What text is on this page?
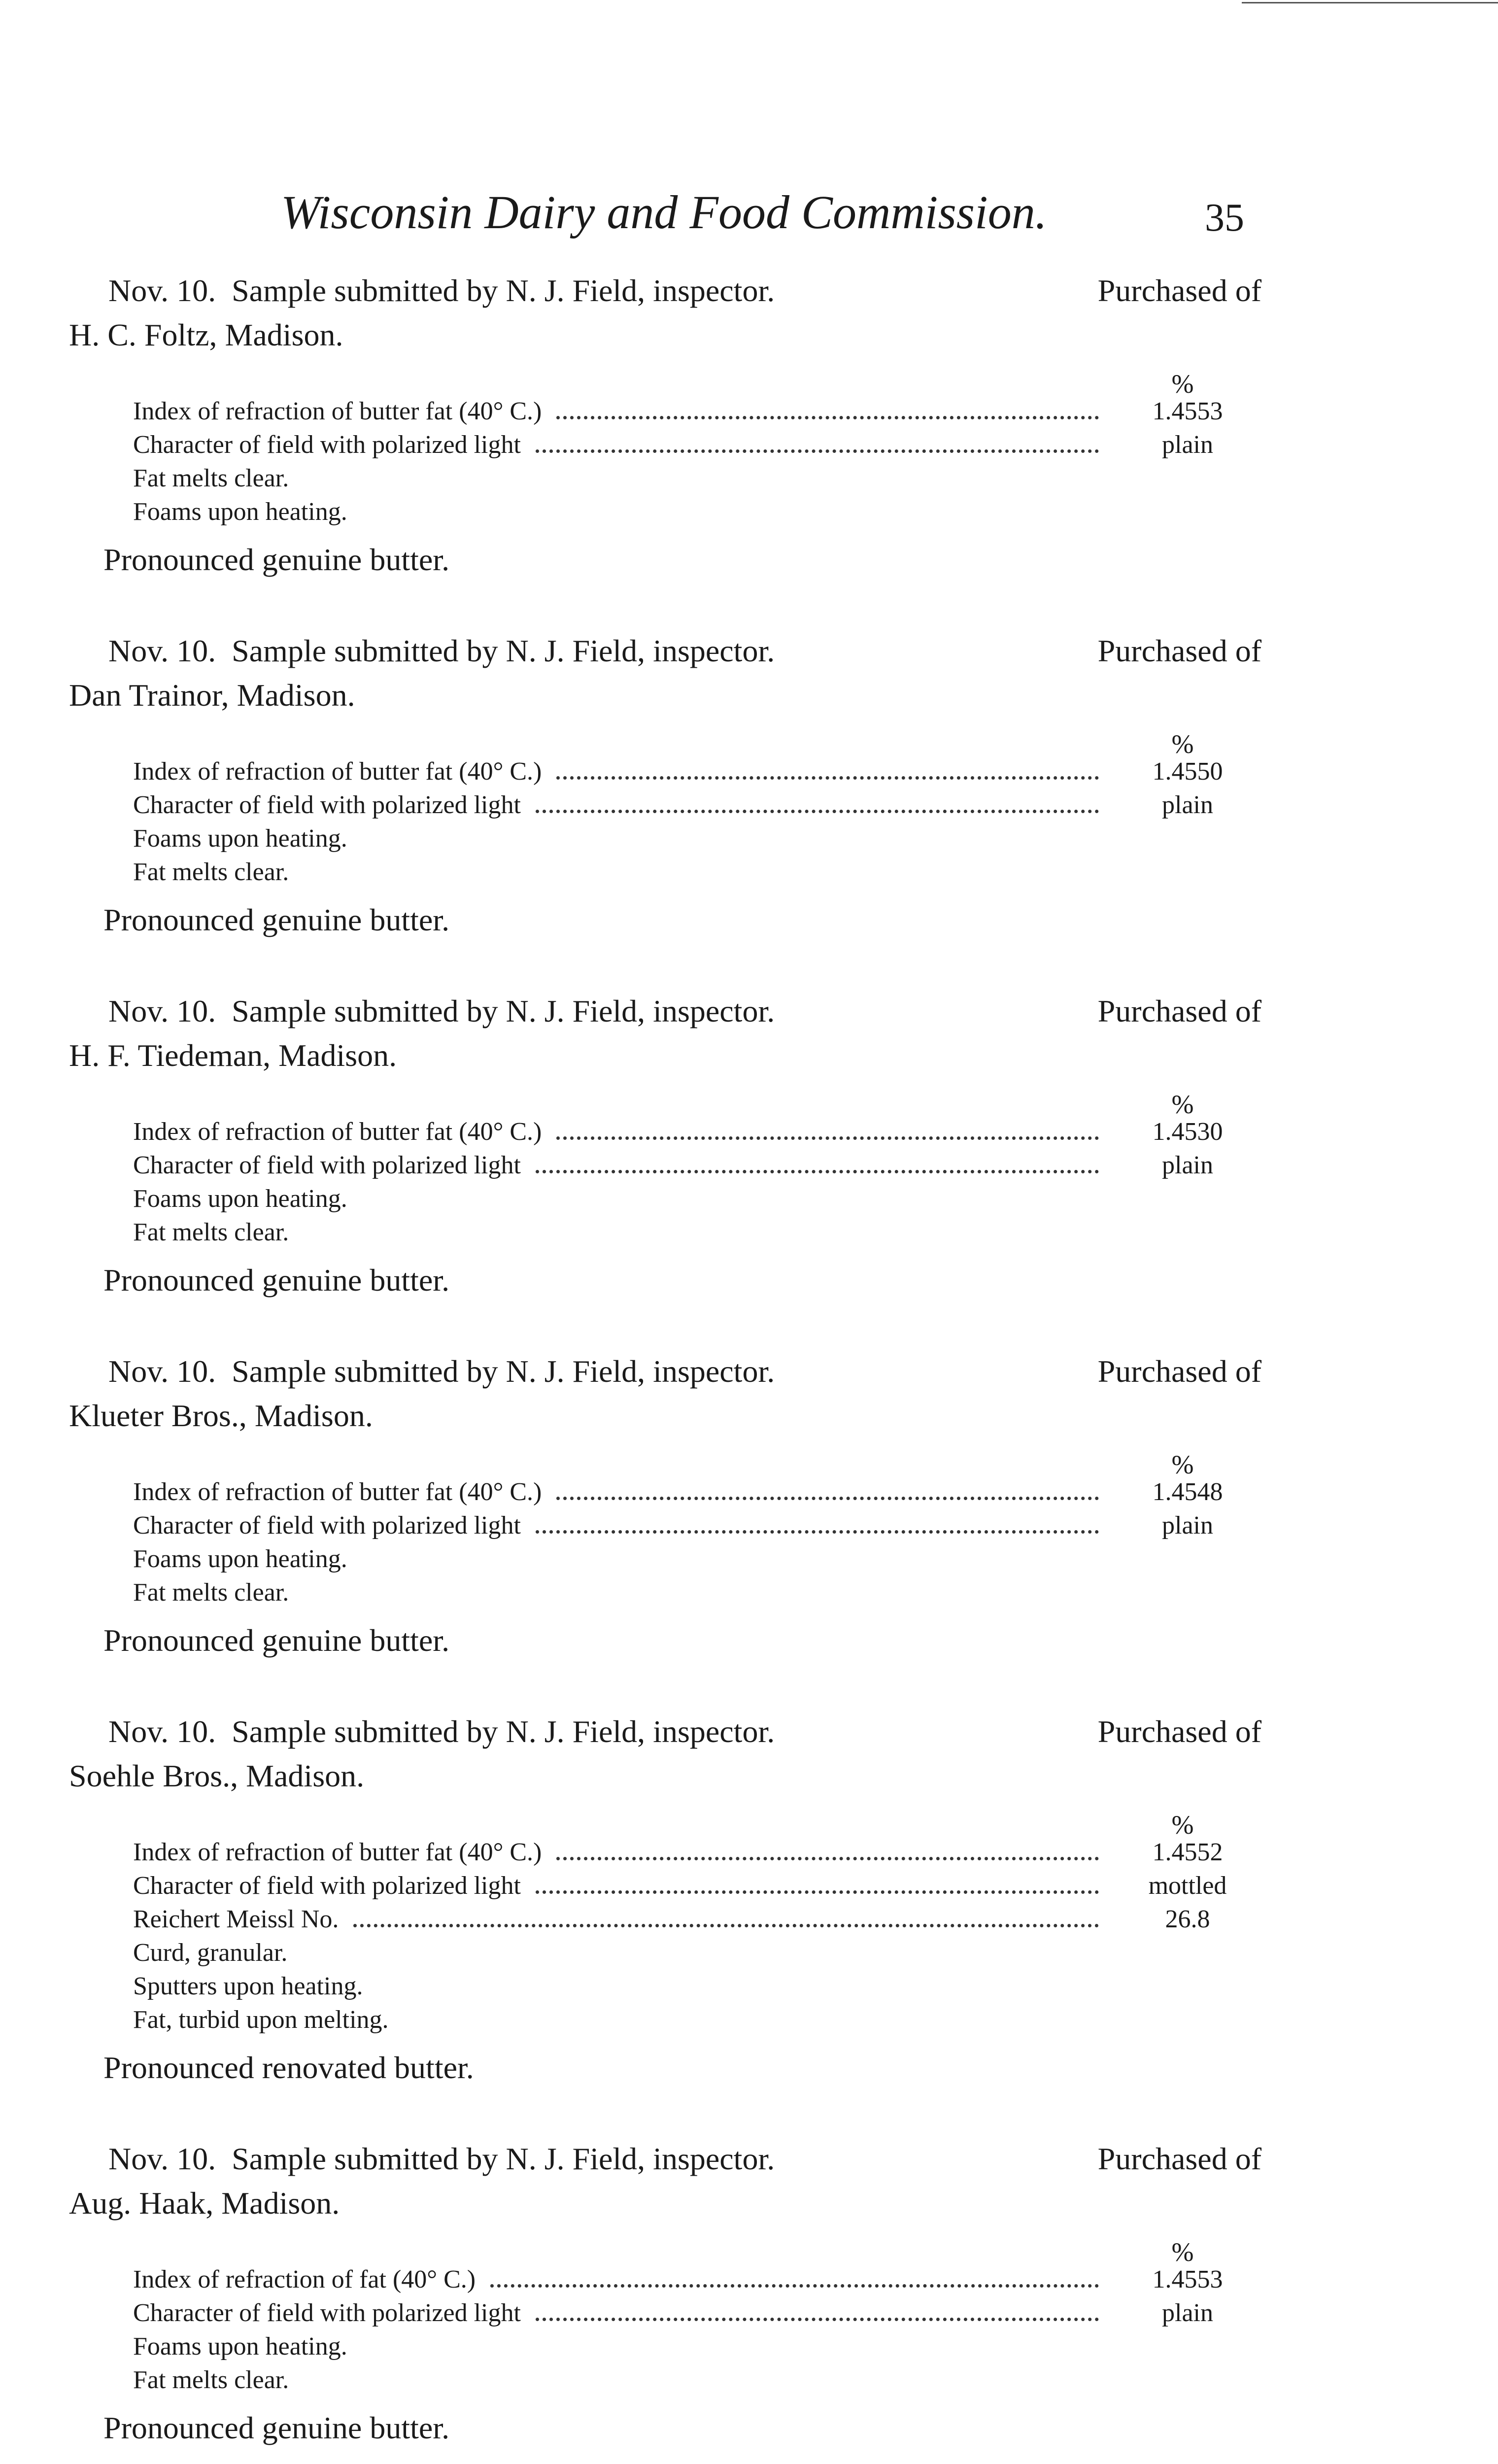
Wisconsin Dairy and Food Commission.	35
Nov. 10. Sample submitted by N. J. Field, inspector.	Purchased of
H. C. Foltz, Madison.
%
Index of refraction of butter fat (40° C.)	1.4553
Character of field with polarized light	plain
Fat melts clear.
Foams upon heating.
Pronounced genuine butter.
Nov. 10. Sample submitted by N. J. Field, inspector.	Purchased of
Dan Trainor, Madison.
%
Index of refraction of butter fat (40° C.)	1.4550
Character of field with polarized light	plain
Foams upon heating.
Fat melts clear.
Pronounced genuine butter.
Nov. 10. Sample submitted by N. J. Field, inspector.	Purchased of
H. F. Tiedeman, Madison.
%
Index of refraction of butter fat (40° C.)	1.4530
Character of field with polarized light	plain
Foams upon heating.
Fat melts clear.
Pronounced genuine butter.
Nov. 10. Sample submitted by N. J. Field, inspector.	Purchased of
Klueter Bros., Madison.
%
Index of refraction of butter fat (40° C.)	1.4548
Character of field with polarized light	plain
Foams upon heating.
Fat melts clear.
Pronounced genuine butter.
Nov. 10. Sample submitted by N. J. Field, inspector.	Purchased of
Soehle Bros., Madison.
%
Index of refraction of butter fat (40° C.)	1.4552
Character of field with polarized light	mottled
Reichert Meissl No.	26.8
Curd, granular.
Sputters upon heating.
Fat, turbid upon melting.
Pronounced renovated butter.
Nov. 10. Sample submitted by N. J. Field, inspector.	Purchased of
Aug. Haak, Madison.
%
Index of refraction of fat (40° C.)	1.4553
Character of field with polarized light	plain
Foams upon heating.
Fat melts clear.
Pronounced genuine butter.
